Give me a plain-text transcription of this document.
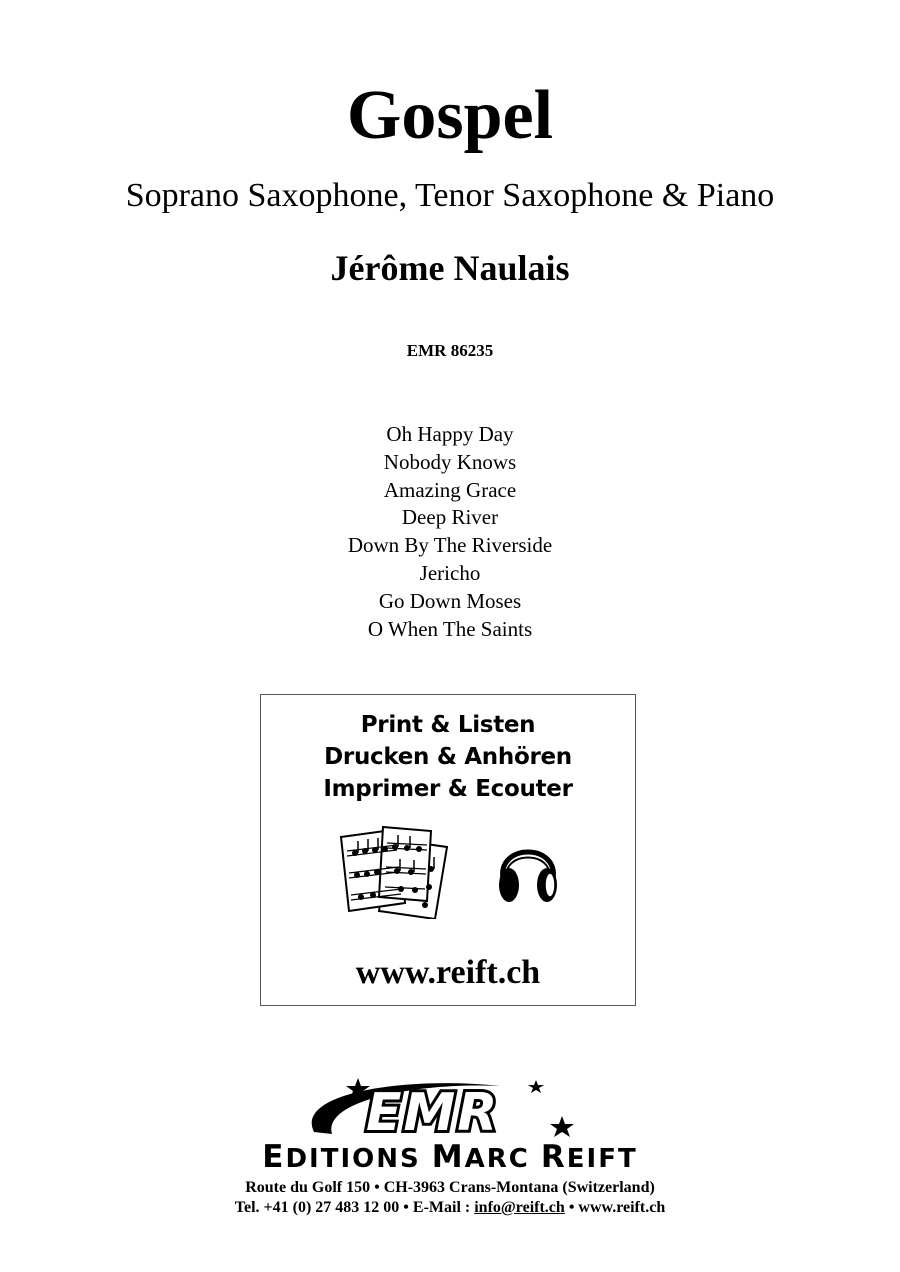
Gospel
Soprano Saxophone, Tenor Saxophone & Piano
Jérôme Naulais
EMR 86235
Oh Happy Day
Nobody Knows
Amazing Grace
Deep River
Down By The Riverside
Jericho
Go Down Moses
O When The Saints
Print & Listen
Drucken & Anhören
Imprimer & Ecouter
www.reift.ch
EMR
EDITIONS MARC REIFT
Route du Golf 150 • CH-3963 Crans-Montana (Switzerland)
Tel. +41 (0) 27 483 12 00 • E-Mail : info@reift.ch • www.reift.ch
